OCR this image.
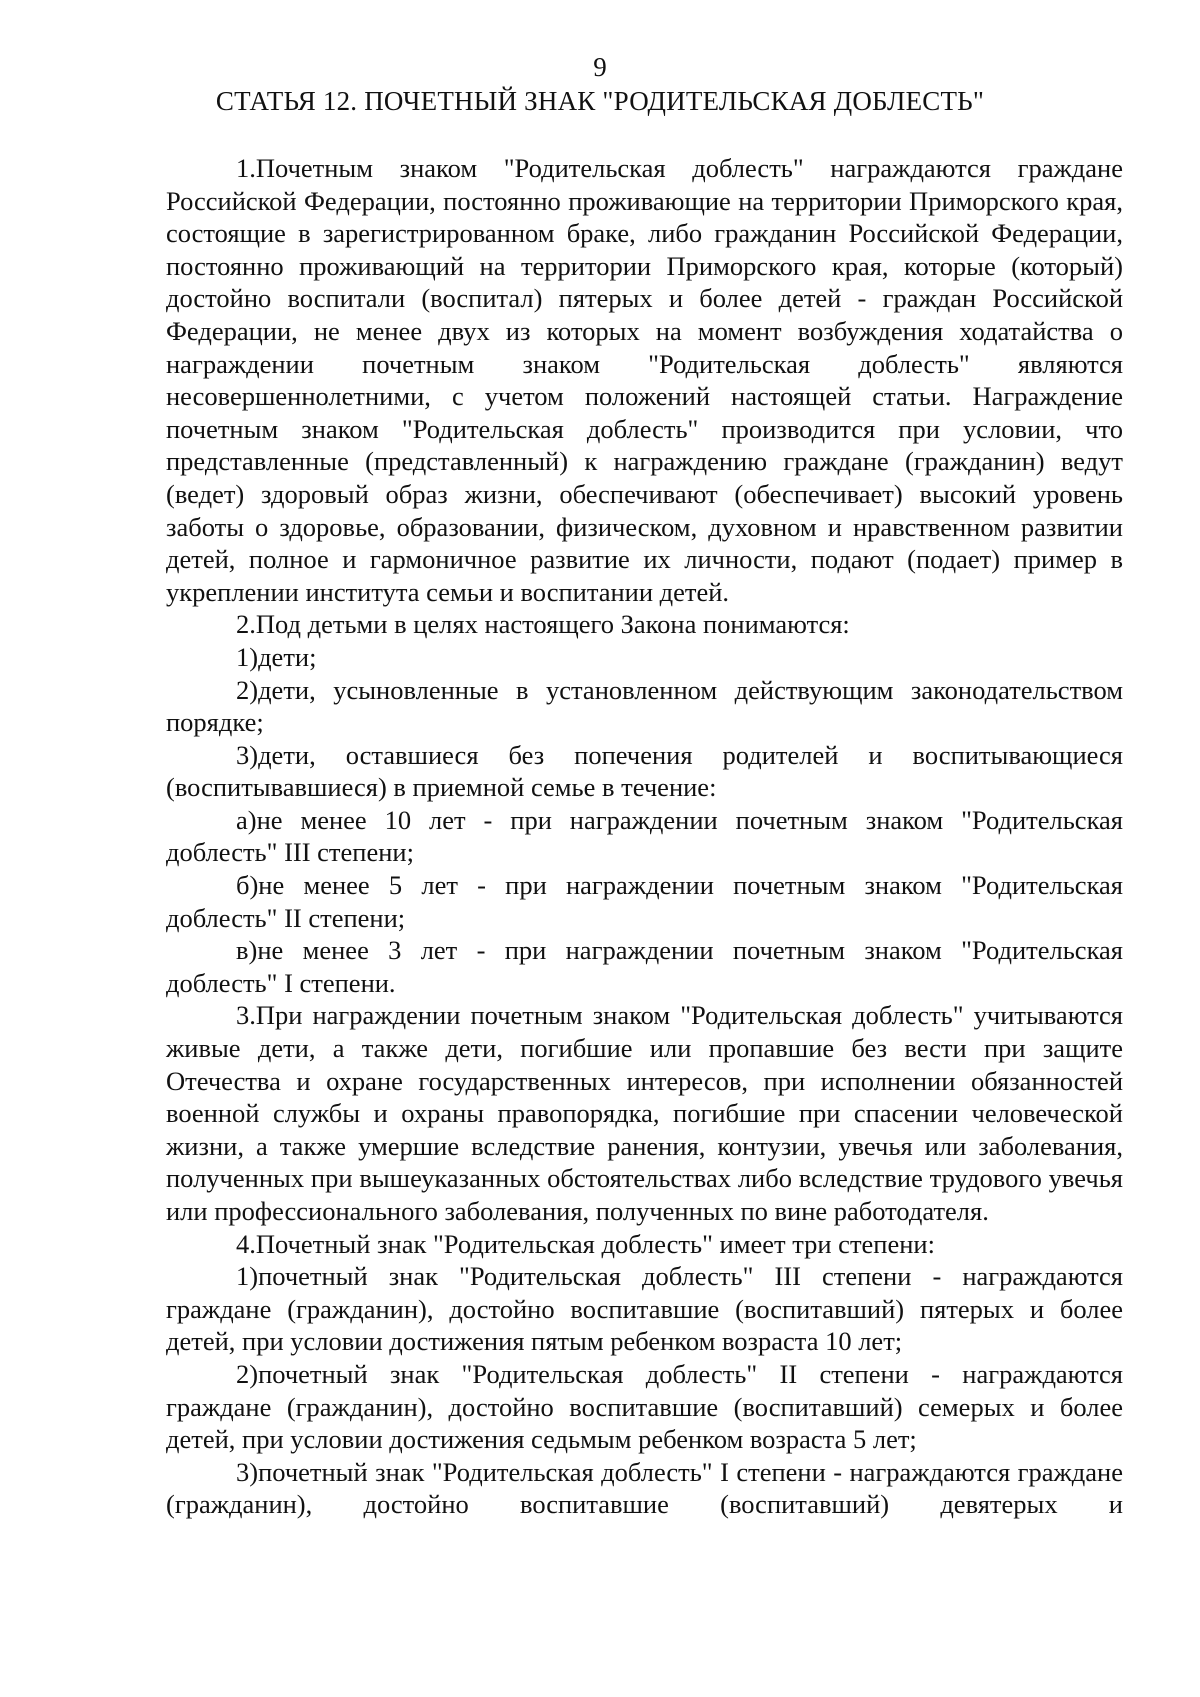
9
СТАТЬЯ 12. ПОЧЕТНЫЙ ЗНАК "РОДИТЕЛЬСКАЯ ДОБЛЕСТЬ"

1.Почетным знаком "Родительская доблесть" награждаются граждане Российской Федерации, постоянно проживающие на территории Приморского края, состоящие в зарегистрированном браке, либо гражданин Российской Федерации, постоянно проживающий на территории Приморского края, которые (который) достойно воспитали (воспитал) пятерых и более детей - граждан Российской Федерации, не менее двух из которых на момент возбуждения ходатайства о награждении почетным знаком "Родительская доблесть" являются несовершеннолетними, с учетом положений настоящей статьи. Награждение почетным знаком "Родительская доблесть" производится при условии, что представленные (представленный) к награждению граждане (гражданин) ведут (ведет) здоровый образ жизни, обеспечивают (обеспечивает) высокий уровень заботы о здоровье, образовании, физическом, духовном и нравственном развитии детей, полное и гармоничное развитие их личности, подают (подает) пример в укреплении института семьи и воспитании детей.

2.Под детьми в целях настоящего Закона понимаются:

1)дети;

2)дети, усыновленные в установленном действующим законодательством порядке;

3)дети, оставшиеся без попечения родителей и воспитывающиеся (воспитывавшиеся) в приемной семье в течение:

а)не менее 10 лет - при награждении почетным знаком "Родительская доблесть" III степени;

б)не менее 5 лет - при награждении почетным знаком "Родительская доблесть" II степени;

в)не менее 3 лет - при награждении почетным знаком "Родительская доблесть" I степени.

3.При награждении почетным знаком "Родительская доблесть" учитываются живые дети, а также дети, погибшие или пропавшие без вести при защите Отечества и охране государственных интересов, при исполнении обязанностей военной службы и охраны правопорядка, погибшие при спасении человеческой жизни, а также умершие вследствие ранения, контузии, увечья или заболевания, полученных при вышеуказанных обстоятельствах либо вследствие трудового увечья или профессионального заболевания, полученных по вине работодателя.

4.Почетный знак "Родительская доблесть" имеет три степени:

1)почетный знак "Родительская доблесть" III степени - награждаются граждане (гражданин), достойно воспитавшие (воспитавший) пятерых и более детей, при условии достижения пятым ребенком возраста 10 лет;

2)почетный знак "Родительская доблесть" II степени - награждаются граждане (гражданин), достойно воспитавшие (воспитавший) семерых и более детей, при условии достижения седьмым ребенком возраста 5 лет;

3)почетный знак "Родительская доблесть" I степени - награждаются граждане (гражданин), достойно воспитавшие (воспитавший) девятерых и
